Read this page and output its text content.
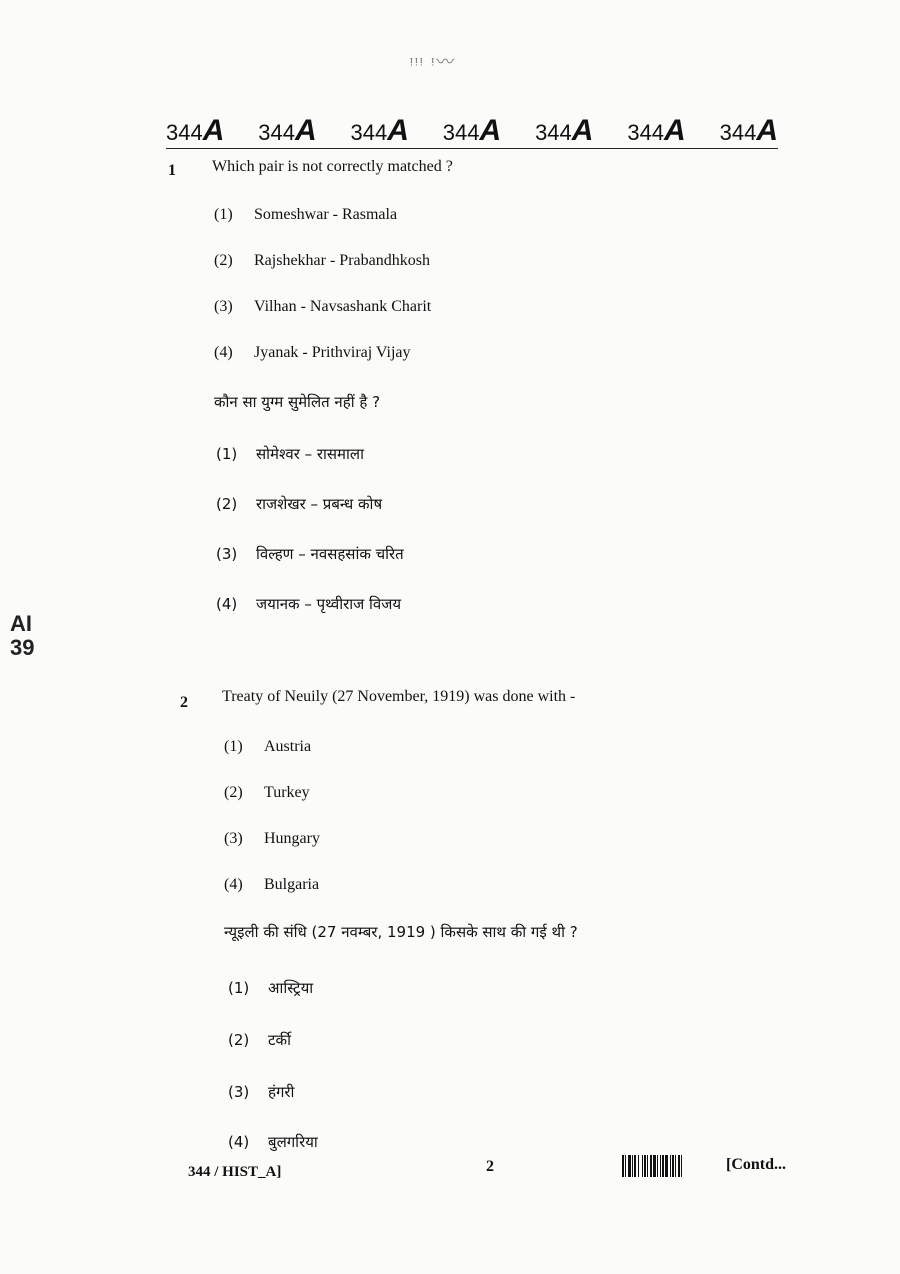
ᵎᵎᵎ ᵎ〰
344A 344A 344A 344A 344A 344A 344A
AI
39
1 Which pair is not correctly matched ?
(1) Someshwar - Rasmala
(2) Rajshekhar - Prabandhkosh
(3) Vilhan - Navsashank Charit
(4) Jyanak - Prithviraj Vijay
कौन सा युग्म सुमेलित नहीं है ?
(1) सोमेश्वर – रासमाला
(2) राजशेखर – प्रबन्ध कोष
(3) विल्हण – नवसहसांक चरित
(4) जयानक – पृथ्वीराज विजय
2 Treaty of Neuily (27 November, 1919) was done with -
(1) Austria
(2) Turkey
(3) Hungary
(4) Bulgaria
न्यूइली की संधि (27 नवम्बर, 1919 ) किसके साथ की गई थी ?
(1) आस्ट्रिया
(2) टर्की
(3) हंगरी
(4) बुलगरिया
344 / HIST_A]	2	[Contd...
